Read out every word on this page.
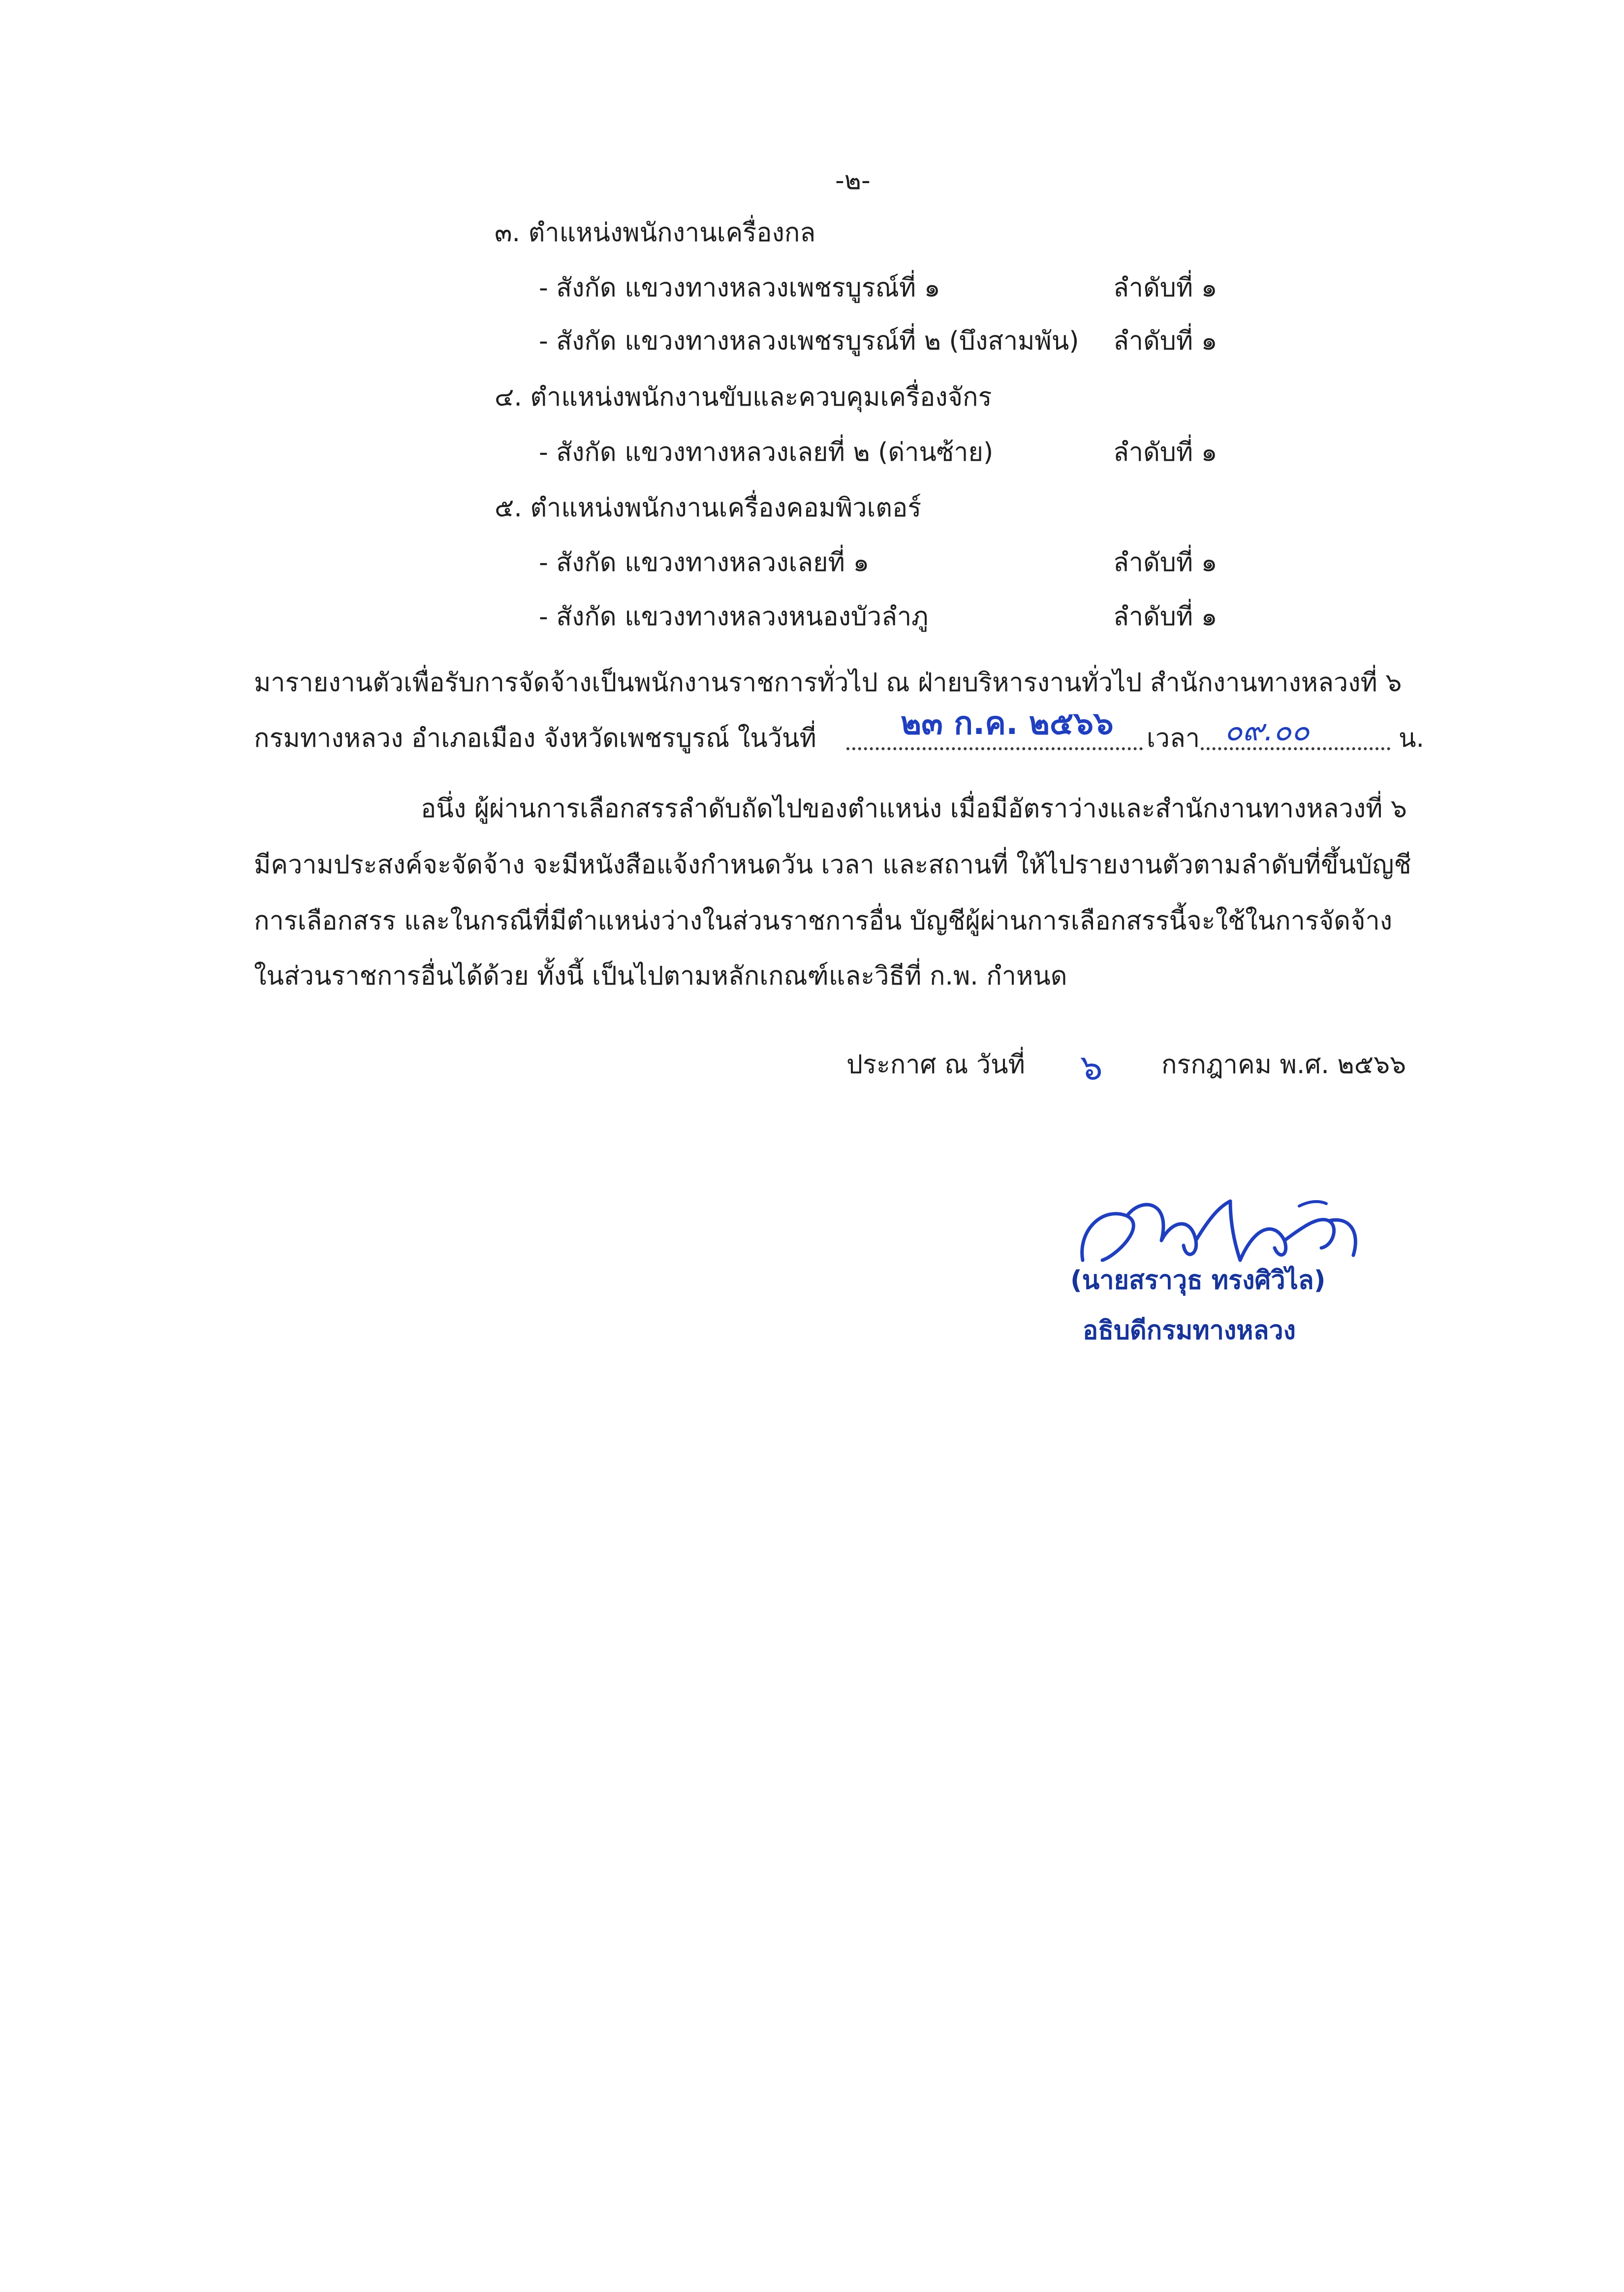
-๒-
๓. ตำแหน่งพนักงานเครื่องกล
- สังกัด แขวงทางหลวงเพชรบูรณ์ที่ ๑	ลำดับที่ ๑
- สังกัด แขวงทางหลวงเพชรบูรณ์ที่ ๒ (บึงสามพัน) ลำดับที่ ๑
๔. ตำแหน่งพนักงานขับและควบคุมเครื่องจักร
- สังกัด แขวงทางหลวงเลยที่ ๒ (ด่านซ้าย)	ลำดับที่ ๑
๕. ตำแหน่งพนักงานเครื่องคอมพิวเตอร์
- สังกัด แขวงทางหลวงเลยที่ ๑	ลำดับที่ ๑
- สังกัด แขวงทางหลวงหนองบัวลำภู	ลำดับที่ ๑
มารายงานตัวเพื่อรับการจัดจ้างเป็นพนักงานราชการทั่วไป ณ ฝ่ายบริหารงานทั่วไป สำนักงานทางหลวงที่ ๖
กรมทางหลวง อำเภอเมือง จังหวัดเพชรบูรณ์ ในวันที่	๒๓ ก.ค. ๒๕๖๖ เวลา ๐๙.๐๐	น.
อนึ่ง ผู้ผ่านการเลือกสรรลำดับถัดไปของตำแหน่ง เมื่อมีอัตราว่างและสำนักงานทางหลวงที่ ๖
มีความประสงค์จะจัดจ้าง จะมีหนังสือแจ้งกำหนดวัน เวลา และสถานที่ ให้ไปรายงานตัวตามลำดับที่ขึ้นบัญชี
การเลือกสรร และในกรณีที่มีตำแหน่งว่างในส่วนราชการอื่น บัญชีผู้ผ่านการเลือกสรรนี้จะใช้ในการจัดจ้าง
ในส่วนราชการอื่นได้ด้วย ทั้งนี้ เป็นไปตามหลักเกณฑ์และวิธีที่ ก.พ. กำหนด
ประกาศ ณ วันที่ ๖ กรกฎาคม พ.ศ. ๒๕๖๖
(นายสราวุธ ทรงศิวิไล)
อธิบดีกรมทางหลวง
